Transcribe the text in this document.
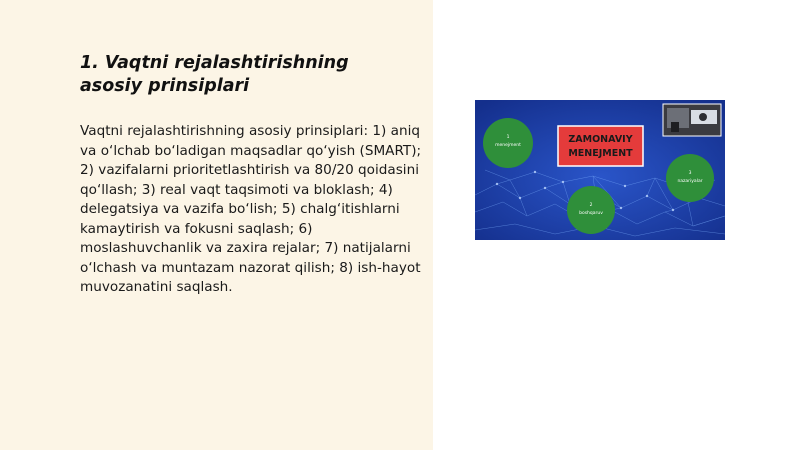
1. Vaqtni rejalashtirishning asosiy prinsiplari

Vaqtni rejalashtirishning asosiy prinsiplari: 1) aniq va o‘lchab bo‘ladigan maqsadlar qo‘yish (SMART); 2) vazifalarni prioritetlashtirish va 80/20 qoidasini qo‘llash; 3) real vaqt taqsimoti va bloklash; 4) delegatsiya va vazifa bo‘lish; 5) chalg‘itishlarni kamaytirish va fokusni saqlash; 6) moslashuvchanlik va zaxira rejalar; 7) natijalarni o‘lchash va muntazam nazorat qilish; 8) ish-hayot muvozanatini saqlash.

ZAMONAVIY
MENEJMENT
1
menejment
2
boshqaruv
3
nazariyalar
